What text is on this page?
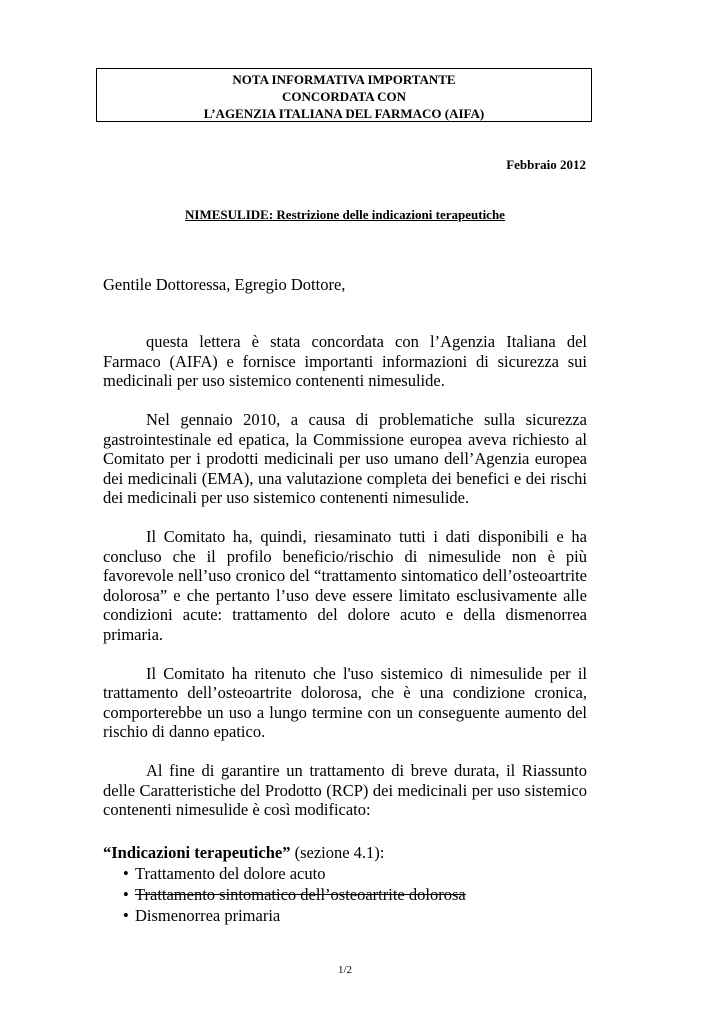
NOTA INFORMATIVA IMPORTANTE
CONCORDATA CON
L’AGENZIA ITALIANA DEL FARMACO (AIFA)
Febbraio 2012
NIMESULIDE: Restrizione delle indicazioni terapeutiche
Gentile Dottoressa, Egregio Dottore,

questa lettera è stata concordata con l’Agenzia Italiana del Farmaco (AIFA) e fornisce importanti informazioni di sicurezza sui medicinali per uso sistemico contenenti nimesulide.

Nel gennaio 2010, a causa di problematiche sulla sicurezza gastrointestinale ed epatica, la Commissione europea aveva richiesto al Comitato per i prodotti medicinali per uso umano dell’Agenzia europea dei medicinali (EMA), una valutazione completa dei benefici e dei rischi dei medicinali per uso sistemico contenenti nimesulide.

Il Comitato ha, quindi, riesaminato tutti i dati disponibili e ha concluso che il profilo beneficio/rischio di nimesulide non è più favorevole nell’uso cronico del “trattamento sintomatico dell’osteoartrite dolorosa” e che pertanto l’uso deve essere limitato esclusivamente alle condizioni acute: trattamento del dolore acuto e della dismenorrea primaria.

Il Comitato ha ritenuto che l'uso sistemico di nimesulide per il trattamento dell’osteoartrite dolorosa, che è una condizione cronica, comporterebbe un uso a lungo termine con un conseguente aumento del rischio di danno epatico.

Al fine di garantire un trattamento di breve durata, il Riassunto delle Caratteristiche del Prodotto (RCP) dei medicinali per uso sistemico contenenti nimesulide è così modificato:

“Indicazioni terapeutiche” (sezione 4.1):
• Trattamento del dolore acuto
• Trattamento sintomatico dell’osteoartrite dolorosa
• Dismenorrea primaria
1/2
